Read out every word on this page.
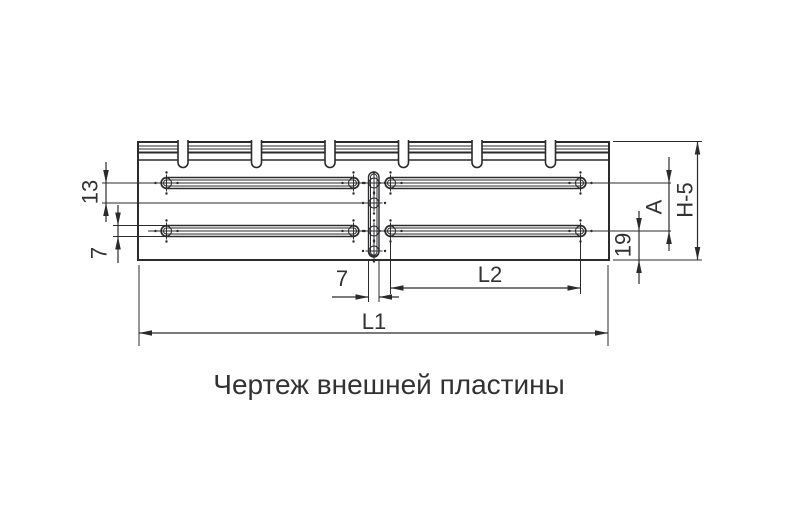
13
7
A H-5
19
7	L2
L1
Чертеж внешней пластины
